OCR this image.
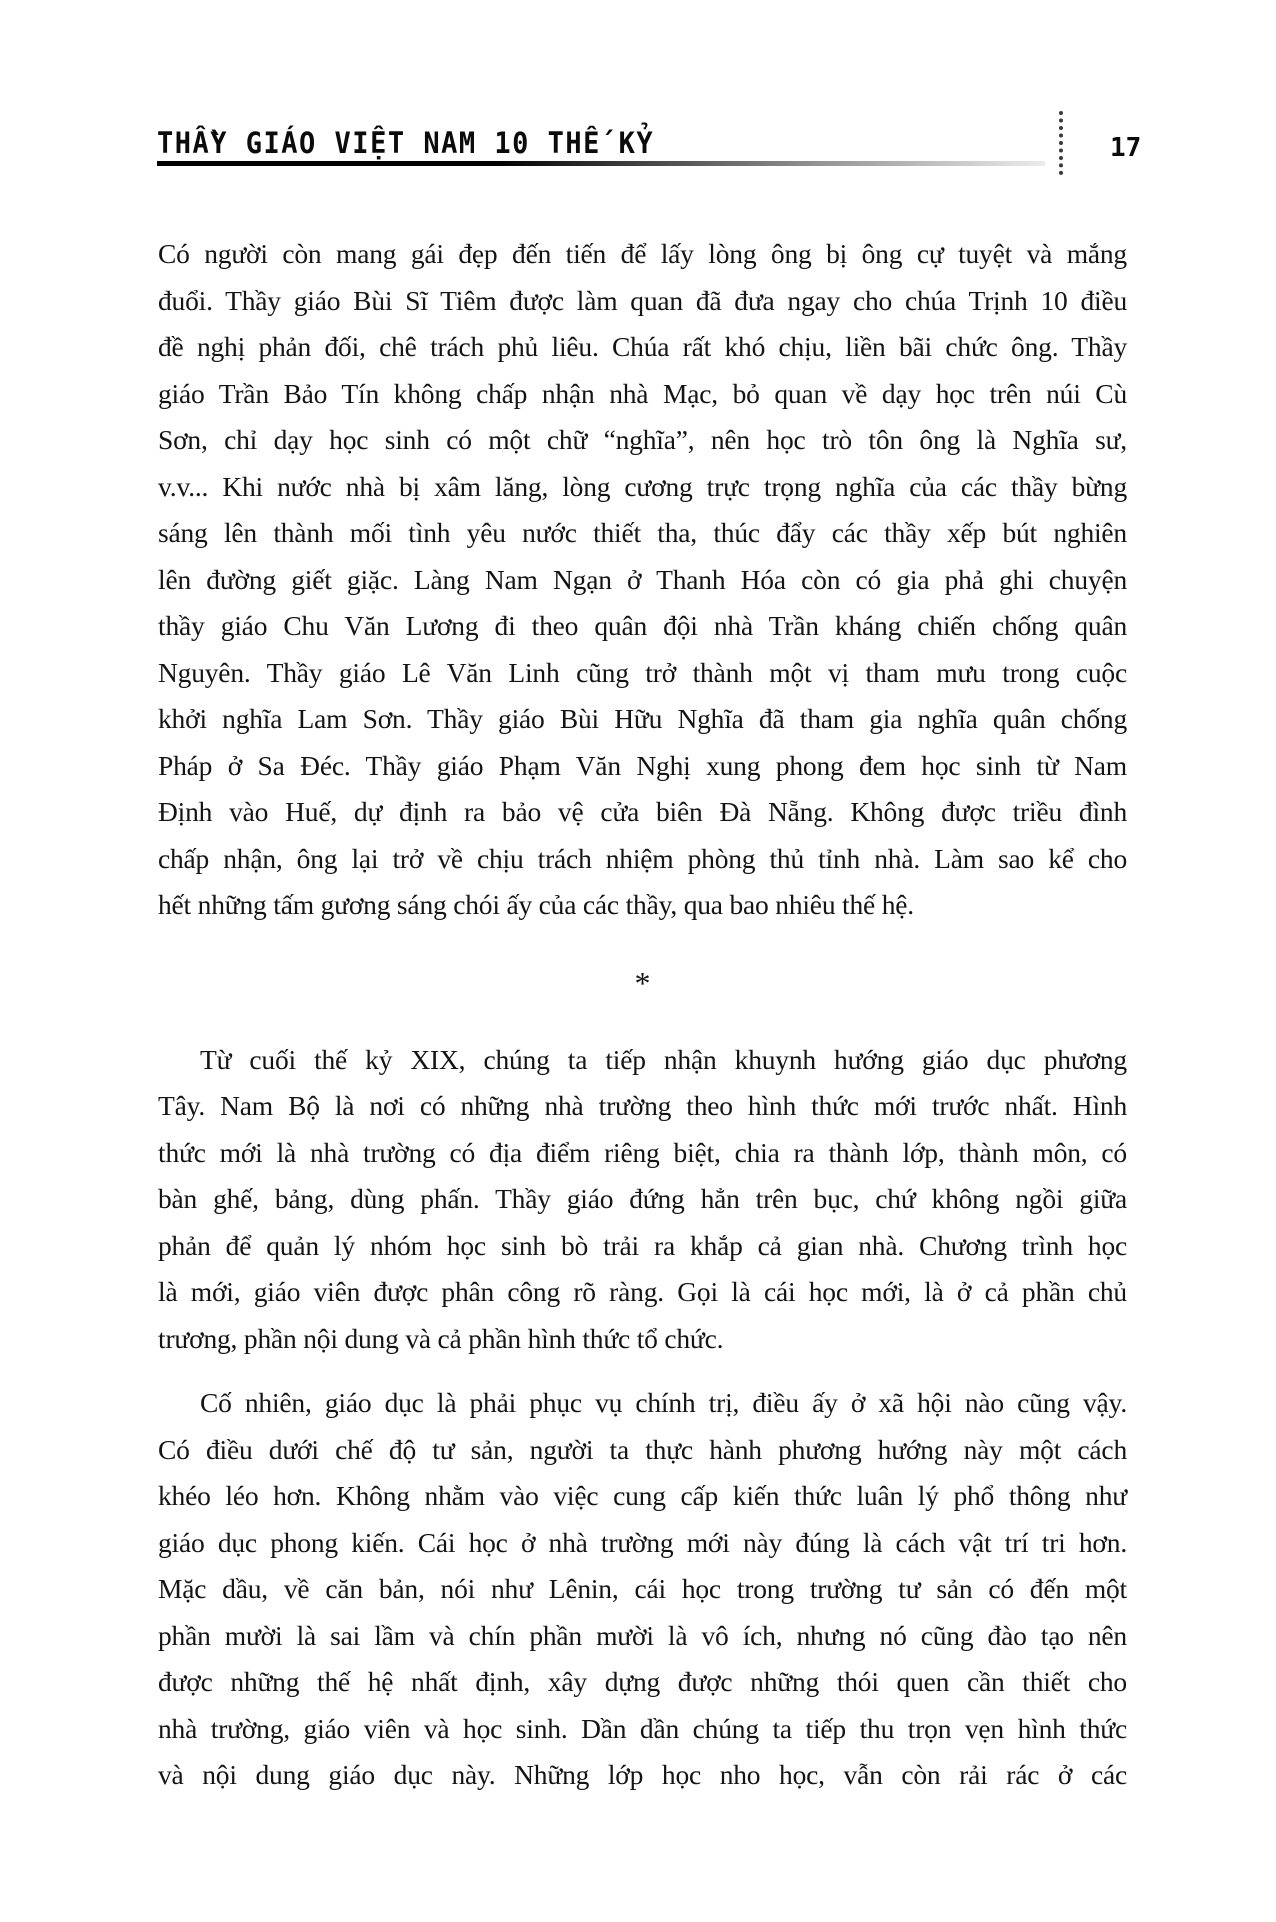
THẦY GIÁO VIỆT NAM 10 THẾ KỶ	17
Có người còn mang gái đẹp đến tiến để lấy lòng ông bị ông cự tuyệt và mắng
đuổi. Thầy giáo Bùi Sĩ Tiêm được làm quan đã đưa ngay cho chúa Trịnh 10 điều
đề nghị phản đối, chê trách phủ liêu. Chúa rất khó chịu, liền bãi chức ông. Thầy
giáo Trần Bảo Tín không chấp nhận nhà Mạc, bỏ quan về dạy học trên núi Cù
Sơn, chỉ dạy học sinh có một chữ “nghĩa”, nên học trò tôn ông là Nghĩa sư,
v.v... Khi nước nhà bị xâm lăng, lòng cương trực trọng nghĩa của các thầy bừng
sáng lên thành mối tình yêu nước thiết tha, thúc đẩy các thầy xếp bút nghiên
lên đường giết giặc. Làng Nam Ngạn ở Thanh Hóa còn có gia phả ghi chuyện
thầy giáo Chu Văn Lương đi theo quân đội nhà Trần kháng chiến chống quân
Nguyên. Thầy giáo Lê Văn Linh cũng trở thành một vị tham mưu trong cuộc
khởi nghĩa Lam Sơn. Thầy giáo Bùi Hữu Nghĩa đã tham gia nghĩa quân chống
Pháp ở Sa Đéc. Thầy giáo Phạm Văn Nghị xung phong đem học sinh từ Nam
Định vào Huế, dự định ra bảo vệ cửa biên Đà Nẵng. Không được triều đình
chấp nhận, ông lại trở về chịu trách nhiệm phòng thủ tỉnh nhà. Làm sao kể cho
hết những tấm gương sáng chói ấy của các thầy, qua bao nhiêu thế hệ.
*
Từ cuối thế kỷ XIX, chúng ta tiếp nhận khuynh hướng giáo dục phương
Tây. Nam Bộ là nơi có những nhà trường theo hình thức mới trước nhất. Hình
thức mới là nhà trường có địa điểm riêng biệt, chia ra thành lớp, thành môn, có
bàn ghế, bảng, dùng phấn. Thầy giáo đứng hẳn trên bục, chứ không ngồi giữa
phản để quản lý nhóm học sinh bò trải ra khắp cả gian nhà. Chương trình học
là mới, giáo viên được phân công rõ ràng. Gọi là cái học mới, là ở cả phần chủ
trương, phần nội dung và cả phần hình thức tổ chức.
Cố nhiên, giáo dục là phải phục vụ chính trị, điều ấy ở xã hội nào cũng vậy.
Có điều dưới chế độ tư sản, người ta thực hành phương hướng này một cách
khéo léo hơn. Không nhằm vào việc cung cấp kiến thức luân lý phổ thông như
giáo dục phong kiến. Cái học ở nhà trường mới này đúng là cách vật trí tri hơn.
Mặc dầu, về căn bản, nói như Lênin, cái học trong trường tư sản có đến một
phần mười là sai lầm và chín phần mười là vô ích, nhưng nó cũng đào tạo nên
được những thế hệ nhất định, xây dựng được những thói quen cần thiết cho
nhà trường, giáo viên và học sinh. Dần dần chúng ta tiếp thu trọn vẹn hình thức
và nội dung giáo dục này. Những lớp học nho học, vẫn còn rải rác ở các
